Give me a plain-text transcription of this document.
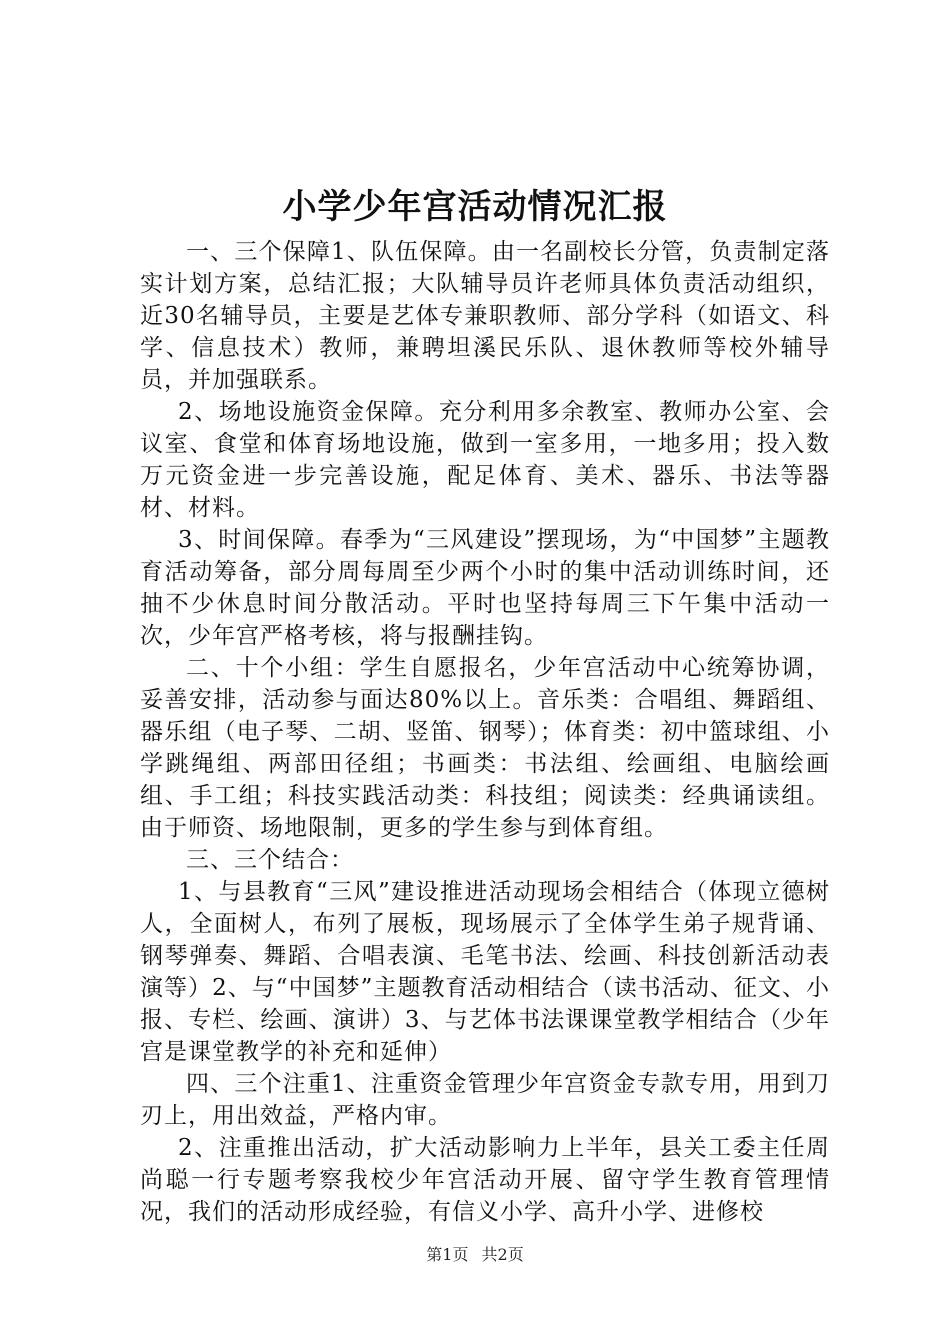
小学少年宫活动情况汇报

一、三个保障1、队伍保障。由一名副校长分管，负责制定落实计划方案，总结汇报；大队辅导员许老师具体负责活动组织，近30名辅导员，主要是艺体专兼职教师、部分学科（如语文、科学、信息技术）教师，兼聘坦溪民乐队、退休教师等校外辅导员，并加强联系。

2、场地设施资金保障。充分利用多余教室、教师办公室、会议室、食堂和体育场地设施，做到一室多用，一地多用；投入数万元资金进一步完善设施，配足体育、美术、器乐、书法等器材、材料。

3、时间保障。春季为“三风建设”摆现场，为“中国梦”主题教育活动筹备，部分周每周至少两个小时的集中活动训练时间，还抽不少休息时间分散活动。平时也坚持每周三下午集中活动一次，少年宫严格考核，将与报酬挂钩。

二、十个小组：学生自愿报名，少年宫活动中心统筹协调，妥善安排，活动参与面达80%以上。音乐类：合唱组、舞蹈组、器乐组（电子琴、二胡、竖笛、钢琴）；体育类：初中篮球组、小学跳绳组、两部田径组；书画类：书法组、绘画组、电脑绘画组、手工组；科技实践活动类：科技组；阅读类：经典诵读组。由于师资、场地限制，更多的学生参与到体育组。

三、三个结合：

1、与县教育“三风”建设推进活动现场会相结合（体现立德树人，全面树人，布列了展板，现场展示了全体学生弟子规背诵、钢琴弹奏、舞蹈、合唱表演、毛笔书法、绘画、科技创新活动表演等）2、与“中国梦”主题教育活动相结合（读书活动、征文、小报、专栏、绘画、演讲）3、与艺体书法课课堂教学相结合（少年宫是课堂教学的补充和延伸）

四、三个注重1、注重资金管理少年宫资金专款专用，用到刀刃上，用出效益，严格内审。

2、注重推出活动，扩大活动影响力上半年，县关工委主任周尚聪一行专题考察我校少年宫活动开展、留守学生教育管理情况，我们的活动形成经验，有信义小学、高升小学、进修校

第1页 共2页
